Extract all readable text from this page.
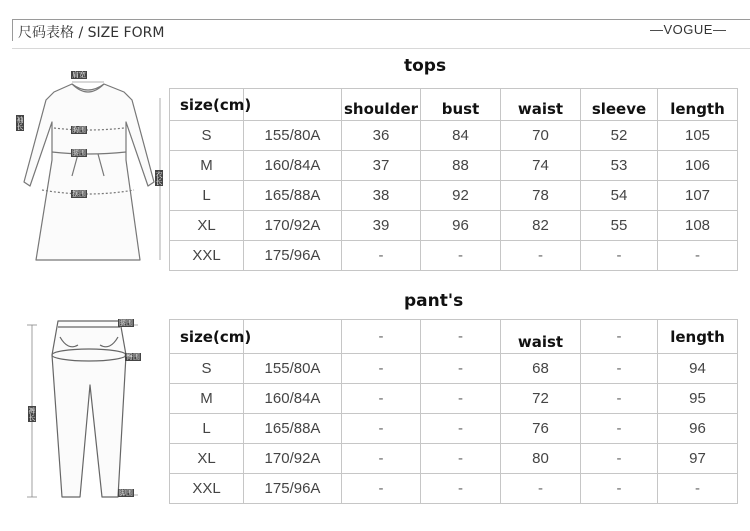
尺码表格 / SIZE FORM	—VOGUE—
肩宽
袖长	胸围
腰围
摆围
衣长
腰围
臀围
裤长
脚围
tops
size(cm)		shoulder	bust	waist	sleeve	length
S	155/80A	36	84	70	52	105
M	160/84A	37	88	74	53	106
L	165/88A	38	92	78	54	107
XL	170/92A	39	96	82	55	108
XXL	175/96A	-	-	-	-	-
pant's
size(cm)		-	-	waist	-	length
S	155/80A	-	-	68	-	94
M	160/84A	-	-	72	-	95
L	165/88A	-	-	76	-	96
XL	170/92A	-	-	80	-	97
XXL	175/96A	-	-	-	-	-
